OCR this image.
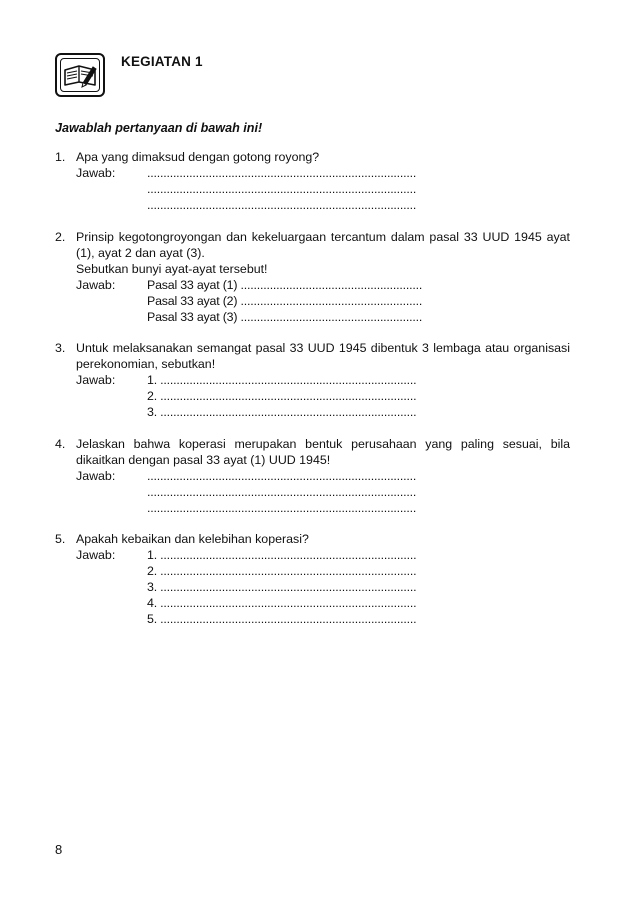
KEGIATAN 1
Jawablah pertanyaan di bawah ini!
1. Apa yang dimaksud dengan gotong royong?
Jawab:	...................................................................................
...................................................................................
...................................................................................
2. Prinsip kegotongroyongan dan kekeluargaan tercantum dalam pasal 33 UUD 1945 ayat (1), ayat 2 dan ayat (3).
Sebutkan bunyi ayat-ayat tersebut!
Jawab:	Pasal 33 ayat (1) ........................................................
Pasal 33 ayat (2) ........................................................
Pasal 33 ayat (3) ........................................................
3. Untuk melaksanakan semangat pasal 33 UUD 1945 dibentuk 3 lembaga atau organisasi perekonomian, sebutkan!
Jawab:	1. ...............................................................................
2. ...............................................................................
3. ...............................................................................
4. Jelaskan bahwa koperasi merupakan bentuk perusahaan yang paling sesuai, bila dikaitkan dengan pasal 33 ayat (1) UUD 1945!
Jawab:	...................................................................................
...................................................................................
...................................................................................
5. Apakah kebaikan dan kelebihan koperasi?
Jawab:	1. ...............................................................................
2. ...............................................................................
3. ...............................................................................
4. ...............................................................................
5. ...............................................................................
8
